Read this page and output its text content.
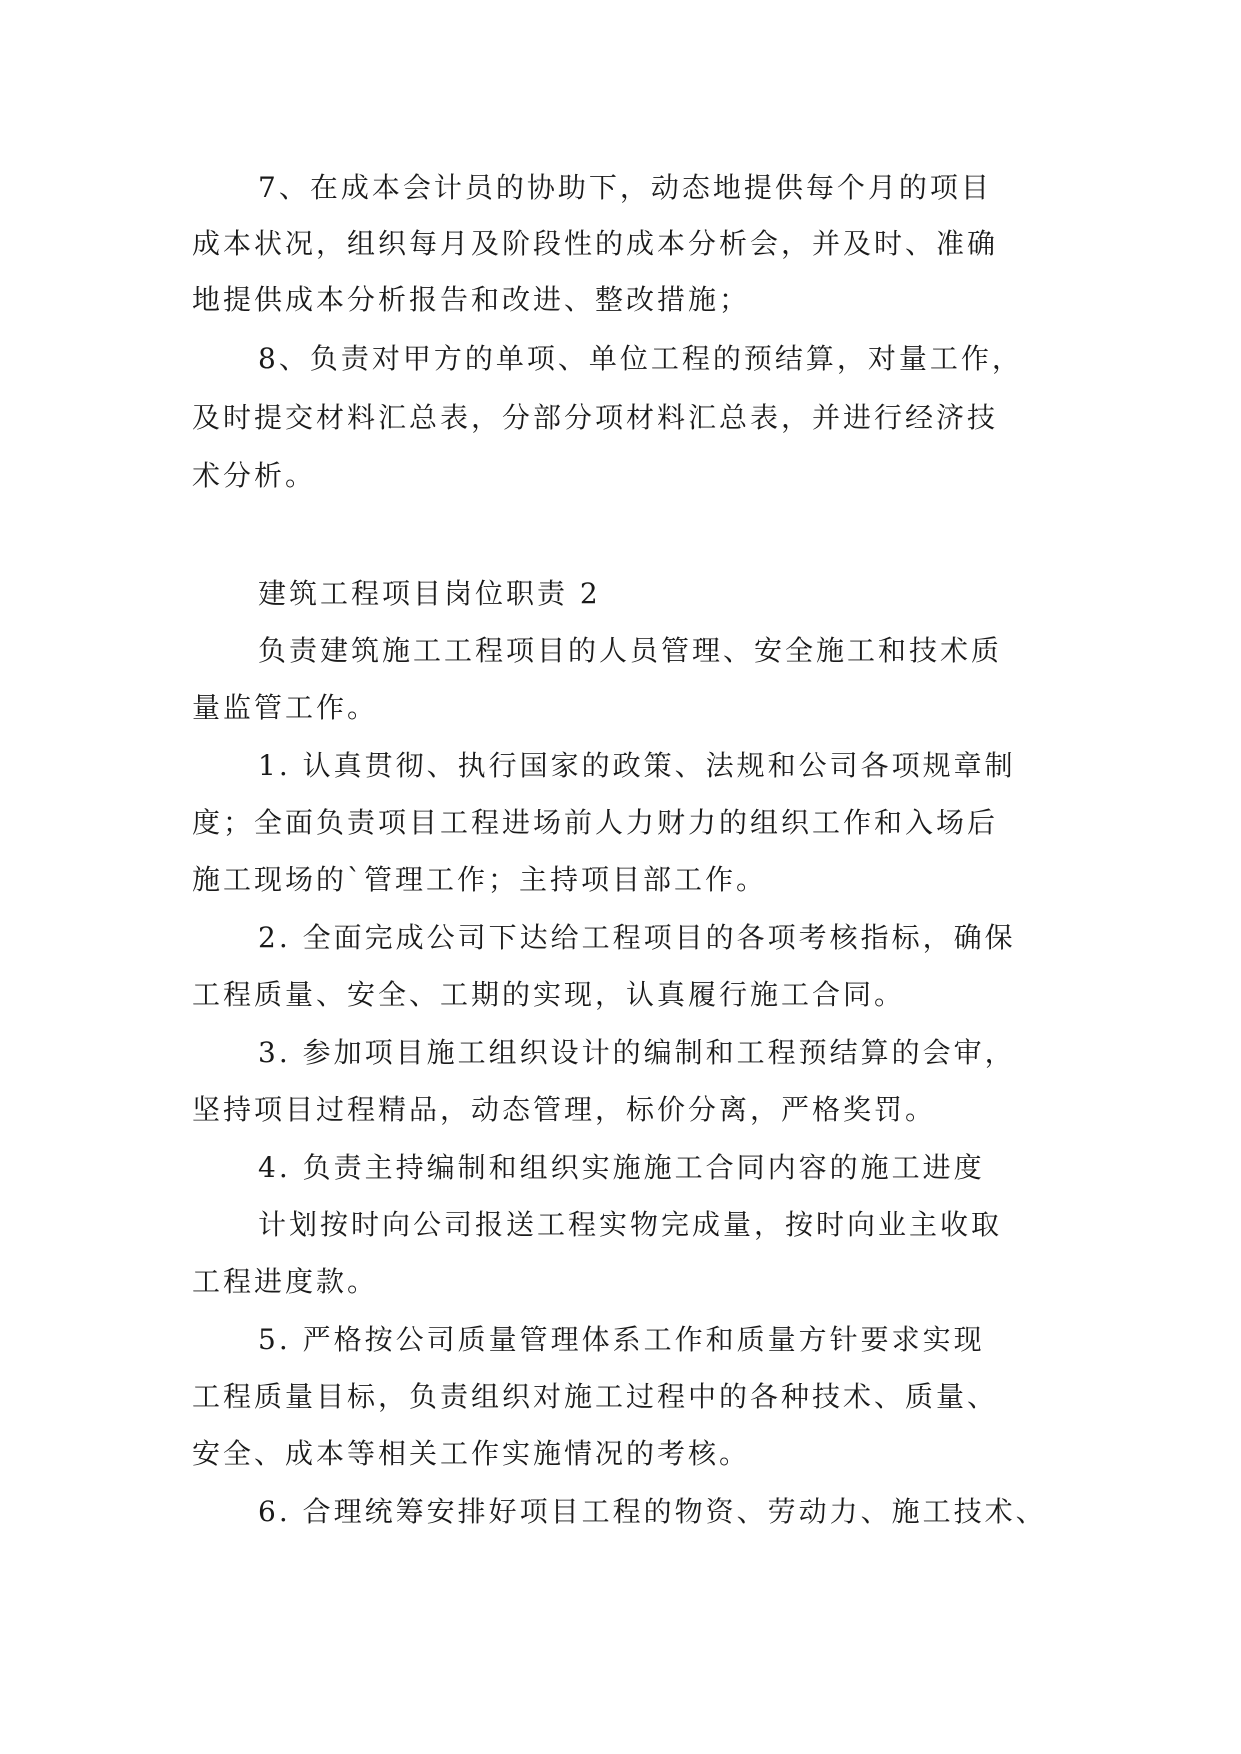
7、在成本会计员的协助下，动态地提供每个月的项目
成本状况，组织每月及阶段性的成本分析会，并及时、准确
地提供成本分析报告和改进、整改措施；
8、负责对甲方的单项、单位工程的预结算，对量工作，
及时提交材料汇总表，分部分项材料汇总表，并进行经济技
术分析。
建筑工程项目岗位职责 2
负责建筑施工工程项目的人员管理、安全施工和技术质
量监管工作。
1. 认真贯彻、执行国家的政策、法规和公司各项规章制
度；全面负责项目工程进场前人力财力的组织工作和入场后
施工现场的`管理工作；主持项目部工作。
2. 全面完成公司下达给工程项目的各项考核指标，确保
工程质量、安全、工期的实现，认真履行施工合同。
3. 参加项目施工组织设计的编制和工程预结算的会审，
坚持项目过程精品，动态管理，标价分离，严格奖罚。
4. 负责主持编制和组织实施施工合同内容的施工进度
计划按时向公司报送工程实物完成量，按时向业主收取
工程进度款。
5. 严格按公司质量管理体系工作和质量方针要求实现
工程质量目标，负责组织对施工过程中的各种技术、质量、
安全、成本等相关工作实施情况的考核。
6. 合理统筹安排好项目工程的物资、劳动力、施工技术、
